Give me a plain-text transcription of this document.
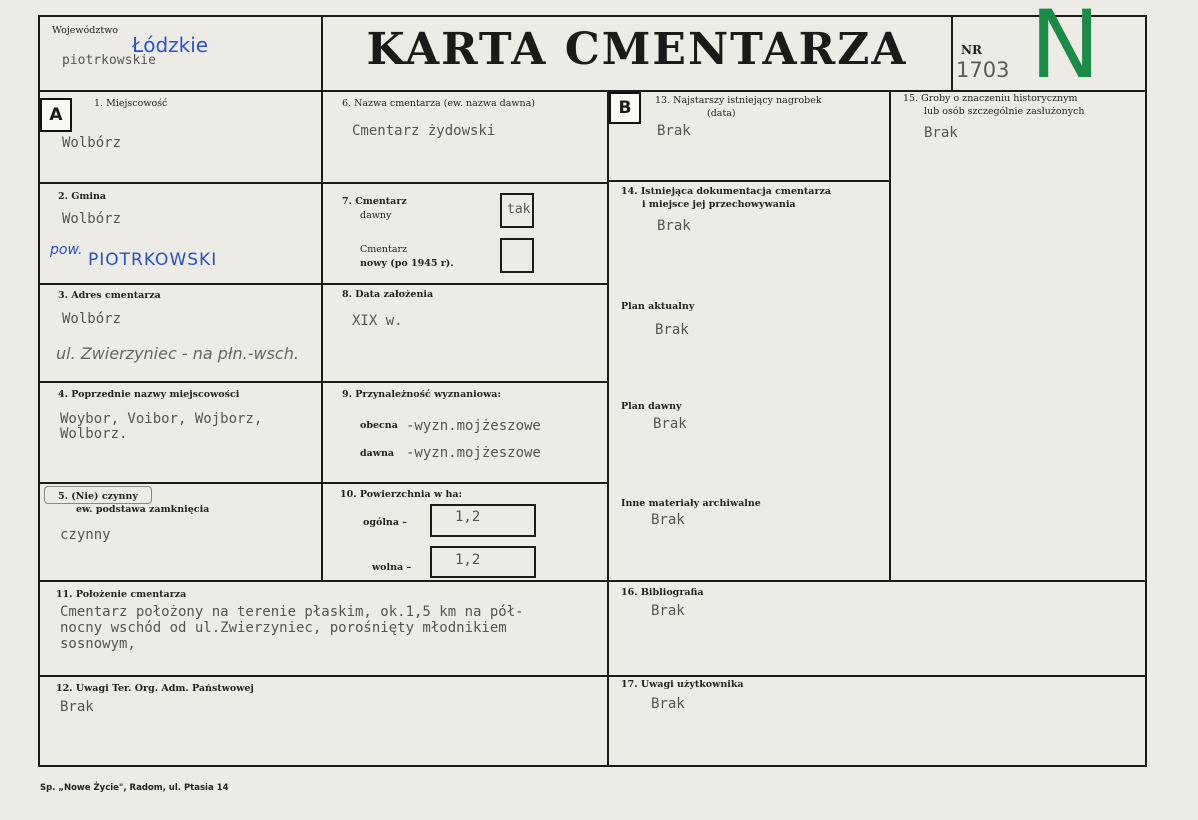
Województwo
Łódzkie
piotrkowskie	KARTA CMENTARZA	NR
1703 N
A	B
1. Miejscowość
Wolbórz
2. Gmina
Wolbórz
pow. PIOTRKOWSKI
3. Adres cmentarza
Wolbórz
ul. Zwierzyniec - na płn.-wsch.
4. Poprzednie nazwy miejscowości
Woybor, Voibor, Wojborz,
Wolborz.
5. (Nie) czynny
ew. podstawa zamknięcia
czynny
6. Nazwa cmentarza (ew. nazwa dawna)
Cmentarz żydowski
7. Cmentarz
dawny	tak
Cmentarz
nowy (po 1945 r).
8. Data założenia
XIX w.
9. Przynależność wyznaniowa:
obecna -wyzn.mojżeszowe
dawna -wyzn.mojżeszowe
10. Powierzchnia w ha:
ogólna –	1,2
wolna –	1,2
11. Położenie cmentarza
Cmentarz położony na terenie płaskim, ok.1,5 km na pół-
nocny wschód od ul.Zwierzyniec, porośnięty młodnikiem
sosnowym,
12. Uwagi Ter. Org. Adm. Państwowej
Brak
13. Najstarszy istniejący nagrobek
(data)
Brak
14. Istniejąca dokumentacja cmentarza
i miejsce jej przechowywania
Brak
Plan aktualny
Brak
Plan dawny
Brak
Inne materiały archiwalne
Brak
15. Groby o znaczeniu historycznym
lub osób szczególnie zasłużonych
Brak
16. Bibliografia
Brak
17. Uwagi użytkownika
Brak
Sp. „Nowe Życie", Radom, ul. Ptasia 14
